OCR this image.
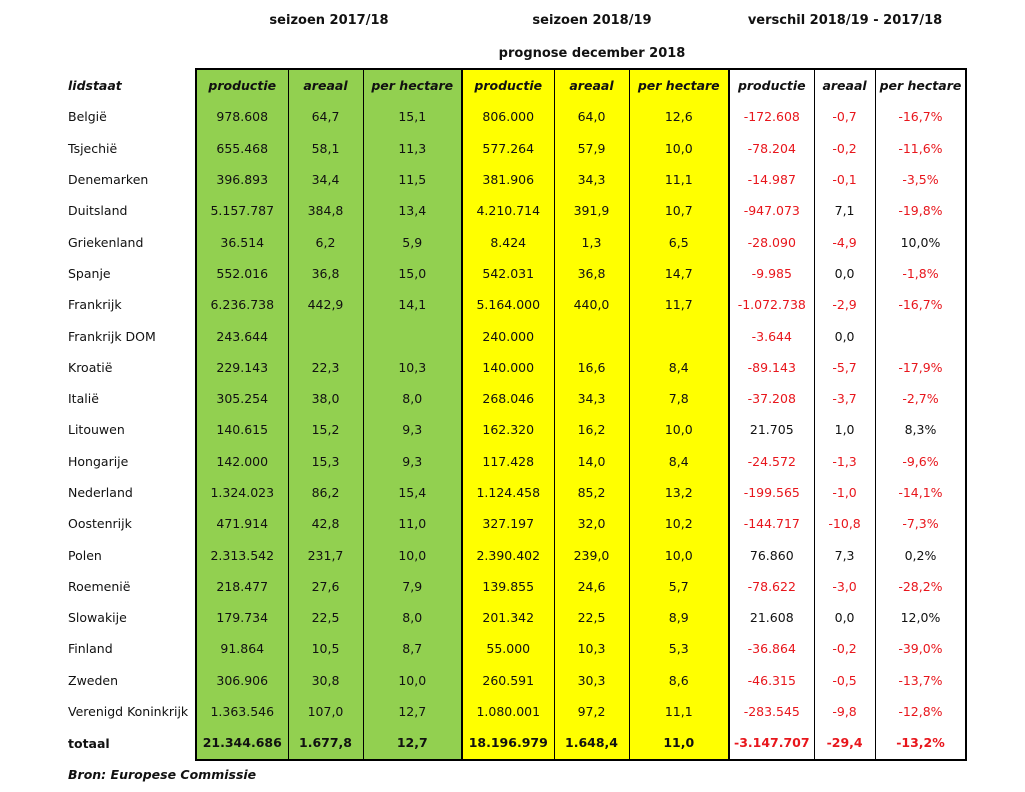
seizoen 2017/18	seizoen 2018/19	verschil 2018/19 - 2017/18
prognose december 2018
lidstaat	productie	areaal	per hectare	productie	areaal	per hectare	productie	areaal	per hectare
België	978.608	64,7	15,1	806.000	64,0	12,6	-172.608	-0,7	-16,7%
Tsjechië	655.468	58,1	11,3	577.264	57,9	10,0	-78.204	-0,2	-11,6%
Denemarken	396.893	34,4	11,5	381.906	34,3	11,1	-14.987	-0,1	-3,5%
Duitsland	5.157.787	384,8	13,4	4.210.714	391,9	10,7	-947.073	7,1	-19,8%
Griekenland	36.514	6,2	5,9	8.424	1,3	6,5	-28.090	-4,9	10,0%
Spanje	552.016	36,8	15,0	542.031	36,8	14,7	-9.985	0,0	-1,8%
Frankrijk	6.236.738	442,9	14,1	5.164.000	440,0	11,7	-1.072.738	-2,9	-16,7%
Frankrijk DOM	243.644			240.000			-3.644	0,0	
Kroatië	229.143	22,3	10,3	140.000	16,6	8,4	-89.143	-5,7	-17,9%
Italië	305.254	38,0	8,0	268.046	34,3	7,8	-37.208	-3,7	-2,7%
Litouwen	140.615	15,2	9,3	162.320	16,2	10,0	21.705	1,0	8,3%
Hongarije	142.000	15,3	9,3	117.428	14,0	8,4	-24.572	-1,3	-9,6%
Nederland	1.324.023	86,2	15,4	1.124.458	85,2	13,2	-199.565	-1,0	-14,1%
Oostenrijk	471.914	42,8	11,0	327.197	32,0	10,2	-144.717	-10,8	-7,3%
Polen	2.313.542	231,7	10,0	2.390.402	239,0	10,0	76.860	7,3	0,2%
Roemenië	218.477	27,6	7,9	139.855	24,6	5,7	-78.622	-3,0	-28,2%
Slowakije	179.734	22,5	8,0	201.342	22,5	8,9	21.608	0,0	12,0%
Finland	91.864	10,5	8,7	55.000	10,3	5,3	-36.864	-0,2	-39,0%
Zweden	306.906	30,8	10,0	260.591	30,3	8,6	-46.315	-0,5	-13,7%
Verenigd Koninkrijk	1.363.546	107,0	12,7	1.080.001	97,2	11,1	-283.545	-9,8	-12,8%
totaal	21.344.686	1.677,8	12,7	18.196.979	1.648,4	11,0	-3.147.707	-29,4	-13,2%
Bron: Europese Commissie
